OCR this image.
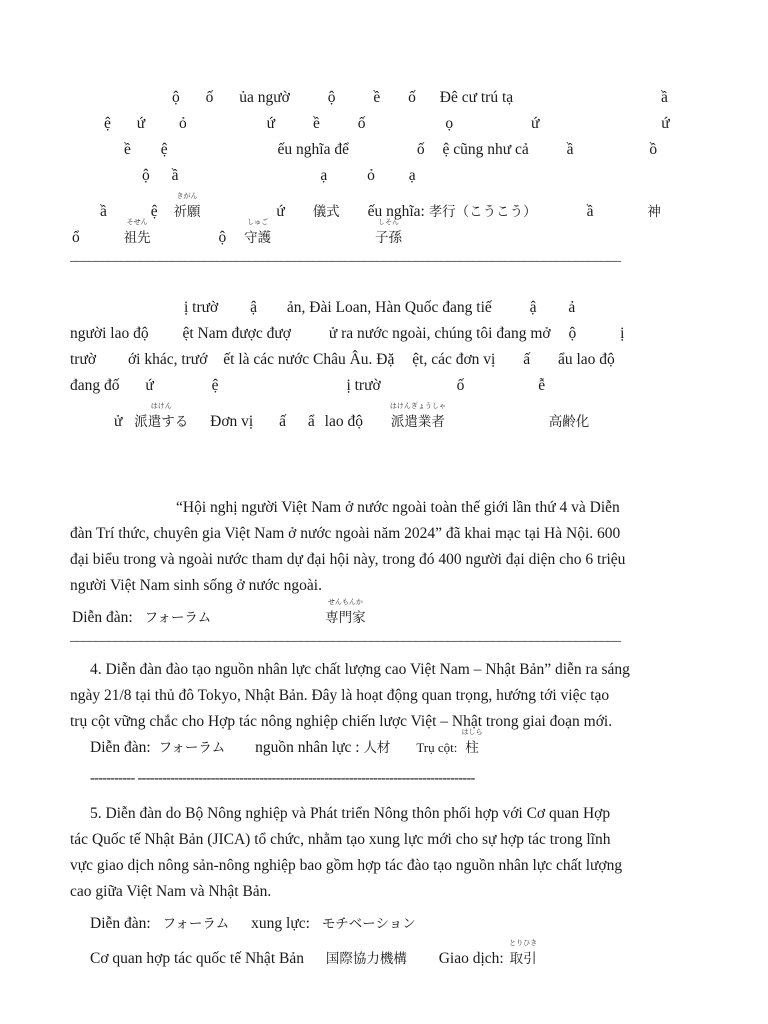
ộ ố ủa ngườ ộ ề ố Đê cư trú tạ	ầ
ệ ứ ỏ	ứ ề ố	ọ	ứ	ứ
ề ệ	ếu nghĩa để	ố ệ cũng như cả ầ	ồ
ộ ầ	ạ	ỏ ạ
ầ	ệ
きがん
祈願	ứ 儀式 ếu nghĩa: 孝行（こうこう）	ầ	神
ổ
そせん
祖先	ộ
しゅご
守護
しそん
子孫
______________________________________________________________________________________
ị trườ ậ ản, Đài Loan, Hàn Quốc đang tiế ậ ả
người lao độ ệt Nam được đượ ử ra nước ngoài, chúng tôi đang mở ộ	ị
trườ ới khác, trướ ết là các nước Châu Âu. Đặ ệt, các đơn vị ấ ẩu lao độ
đang đố ứ	ệ	ị trườ	ố	ễ
ử
はけん
派遣する Đơn vị ấ ẩ lao độ
はけんぎょうしゃ
派遣業者	高齢化
“Hội nghị người Việt Nam ở nước ngoài toàn thế giới lần thứ 4 và Diễn
đàn Trí thức, chuyên gia Việt Nam ở nước ngoài năm 2024” đã khai mạc tại Hà Nội. 600
đại biểu trong và ngoài nước tham dự đại hội này, trong đó 400 người đại diện cho 6 triệu
người Việt Nam sinh sống ở nước ngoài.
Diễn đàn: フォーラム
せんもんか
専門家
______________________________________________________________________________________
4. Diễn đàn đào tạo nguồn nhân lực chất lượng cao Việt Nam – Nhật Bản” diễn ra sáng
ngày 21/8 tại thủ đô Tokyo, Nhật Bản. Đây là hoạt động quan trọng, hướng tới việc tạo
trụ cột vững chắc cho Hợp tác nông nghiệp chiến lược Việt – Nhật trong giai đoạn mới.
Diễn đàn: フォーラム nguồn nhân lực : 人材 Trụ cột:
はしら
柱
----------- -----------------------------------------------------------------------------------
5. Diễn đàn do Bộ Nông nghiệp và Phát triển Nông thôn phối hợp với Cơ quan Hợp
tác Quốc tế Nhật Bản (JICA) tổ chức, nhằm tạo xung lực mới cho sự hợp tác trong lĩnh
vực giao dịch nông sản-nông nghiệp bao gồm hợp tác đào tạo nguồn nhân lực chất lượng
cao giữa Việt Nam và Nhật Bản.
Diễn đàn: フォーラム xung lực: モチベーション
Cơ quan hợp tác quốc tế Nhật Bản 国際協力機構 Giao dịch:
とりひき
取引
